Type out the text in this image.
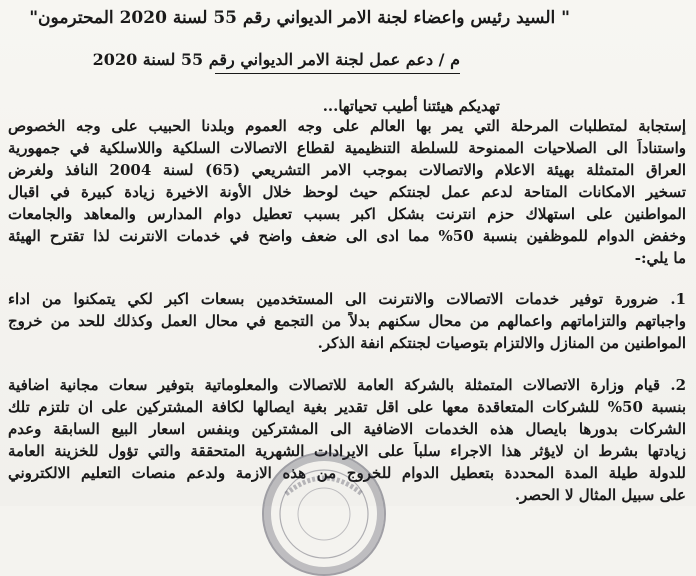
" السيد رئيس واعضاء لجنة الامر الديواني رقم 55 لسنة 2020 المحترمون"
م / دعم عمل لجنة الامر الديواني رقم 55 لسنة 2020
تهديكم هيئتنا أطيب تحياتها...
إستجابة لمتطلبات المرحلة التي يمر بها العالم على وجه العموم وبلدنا الحبيب على وجه الخصوص
واستناداً الى الصلاحيات الممنوحة للسلطة التنظيمية لقطاع الاتصالات السلكية واللاسلكية في جمهورية
العراق المتمثلة بهيئة الاعلام والاتصالات بموجب الامر التشريعي (65) لسنة 2004 النافذ ولغرض
تسخير الامكانات المتاحة لدعم عمل لجنتكم حيث لوحظ خلال الأونة الاخيرة زيادة كبيرة في اقبال
المواطنين على استهلاك حزم انترنت بشكل اكبر بسبب تعطيل دوام المدارس والمعاهد والجامعات
وخفض الدوام للموظفين بنسبة 50% مما ادى الى ضعف واضح في خدمات الانترنت لذا تقترح الهيئة
ما يلي:-
1. ضرورة توفير خدمات الاتصالات والانترنت الى المستخدمين بسعات اكبر لكي يتمكنوا من اداء
واجباتهم والتزاماتهم واعمالهم من محال سكنهم بدلاً من التجمع في محال العمل وكذلك للحد من خروج
المواطنين من المنازل والالتزام بتوصيات لجنتكم انفة الذكر.
2. قيام وزارة الاتصالات المتمثلة بالشركة العامة للاتصالات والمعلوماتية بتوفير سعات مجانية اضافية
بنسبة 50% للشركات المتعاقدة معها على اقل تقدير بغية ايصالها لكافة المشتركين على ان تلتزم تلك
الشركات بدورها بايصال هذه الخدمات الاضافية الى المشتركين وبنفس اسعار البيع السابقة وعدم
زيادتها بشرط ان لايؤثر هذا الاجراء سلباً على الايرادات الشهرية المتحققة والتي تؤول للخزينة العامة
للدولة طيلة المدة المحددة بتعطيل الدوام للخروج من هذه الازمة ولدعم منصات التعليم الالكتروني
على سبيل المثال لا الحصر.
